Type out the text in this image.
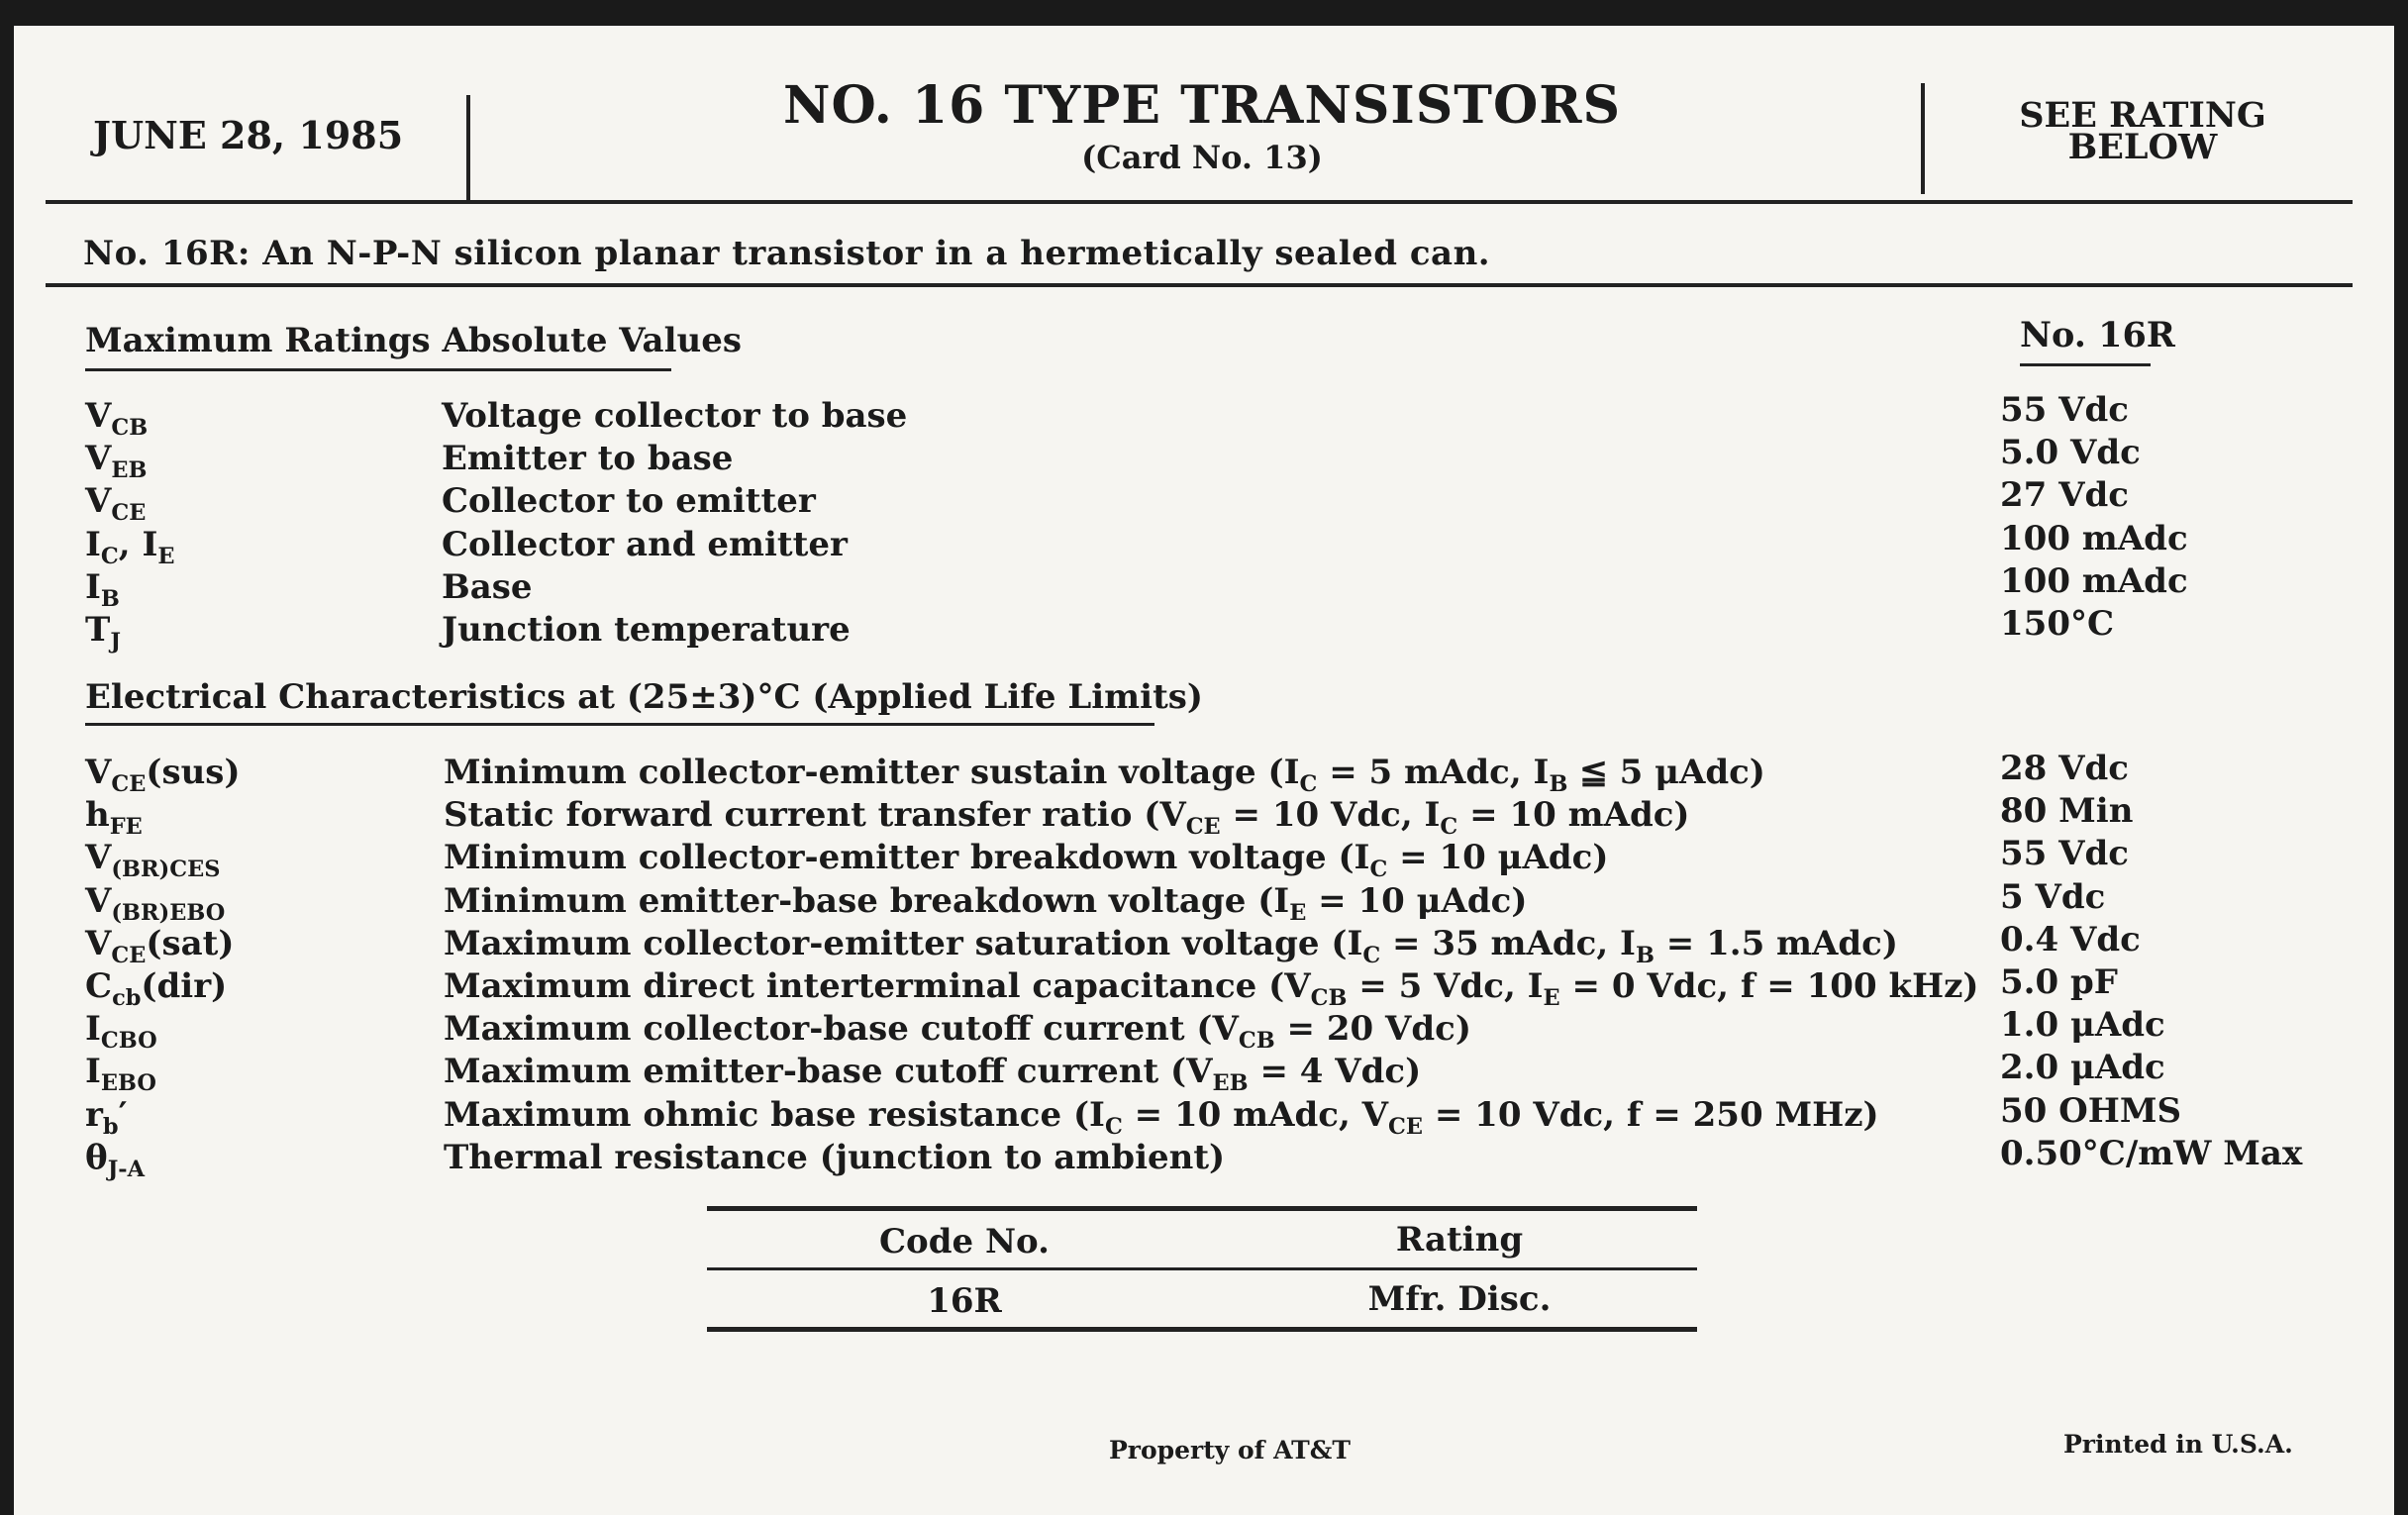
JUNE 28, 1985	NO. 16 TYPE TRANSISTORS
(Card No. 13)
SEE RATING
BELOW
No. 16R: An N-P-N silicon planar transistor in a hermetically sealed can.
Maximum Ratings Absolute Values	No. 16R
$V_{CB}$	Voltage collector to base	55 Vdc
$V_{EB}$	Emitter to base	5.0 Vdc
$V_{CE}$	Collector to emitter	27 Vdc
$I_C$, $I_E$	Collector and emitter	100 mAdc
$I_B$	Base	100 mAdc
$T_J$	Junction temperature	150°C
Electrical Characteristics at (25±3)°C (Applied Life Limits)
$V_{CE}(sus)$	Minimum collector-emitter sustain voltage ($I_C = 5$ mAdc, $I_B$ ≦ 5 μAdc)	28 Vdc
$h_{FE}$	Static forward current transfer ratio ($V_{CE} = 10$ Vdc, $I_C = 10$ mAdc)	80 Min
$V_{(BR)CES}$	Minimum collector-emitter breakdown voltage ($I_C = 10$ μAdc)	55 Vdc
$V_{(BR)EBO}$	Minimum emitter-base breakdown voltage ($I_E = 10$ μAdc)	5 Vdc
$V_{CE}(sat)$	Maximum collector-emitter saturation voltage ($I_C = 35$ mAdc, $I_B = 1.5$ mAdc)	0.4 Vdc
$C_{cb}(dir)$	Maximum direct interterminal capacitance ($V_{CB} = 5$ Vdc, $I_E = 0$ Vdc, f = 100 kHz) 5.0 pF
$I_{CBO}$	Maximum collector-base cutoff current ($V_{CB} = 20$ Vdc)	1.0 μAdc
$I_{EBO}$	Maximum emitter-base cutoff current ($V_{EB} = 4$ Vdc)	2.0 μAdc
$r_b'$	Maximum ohmic base resistance ($I_C = 10$ mAdc, $V_{CE} = 10$ Vdc, f = 250 MHz)	50 OHMS
$\theta_{J-A}$	Thermal resistance (junction to ambient)	0.50°C/mW Max
Code No.	Rating
16R	Mfr. Disc.
Property of AT&T	Printed in U.S.A.
